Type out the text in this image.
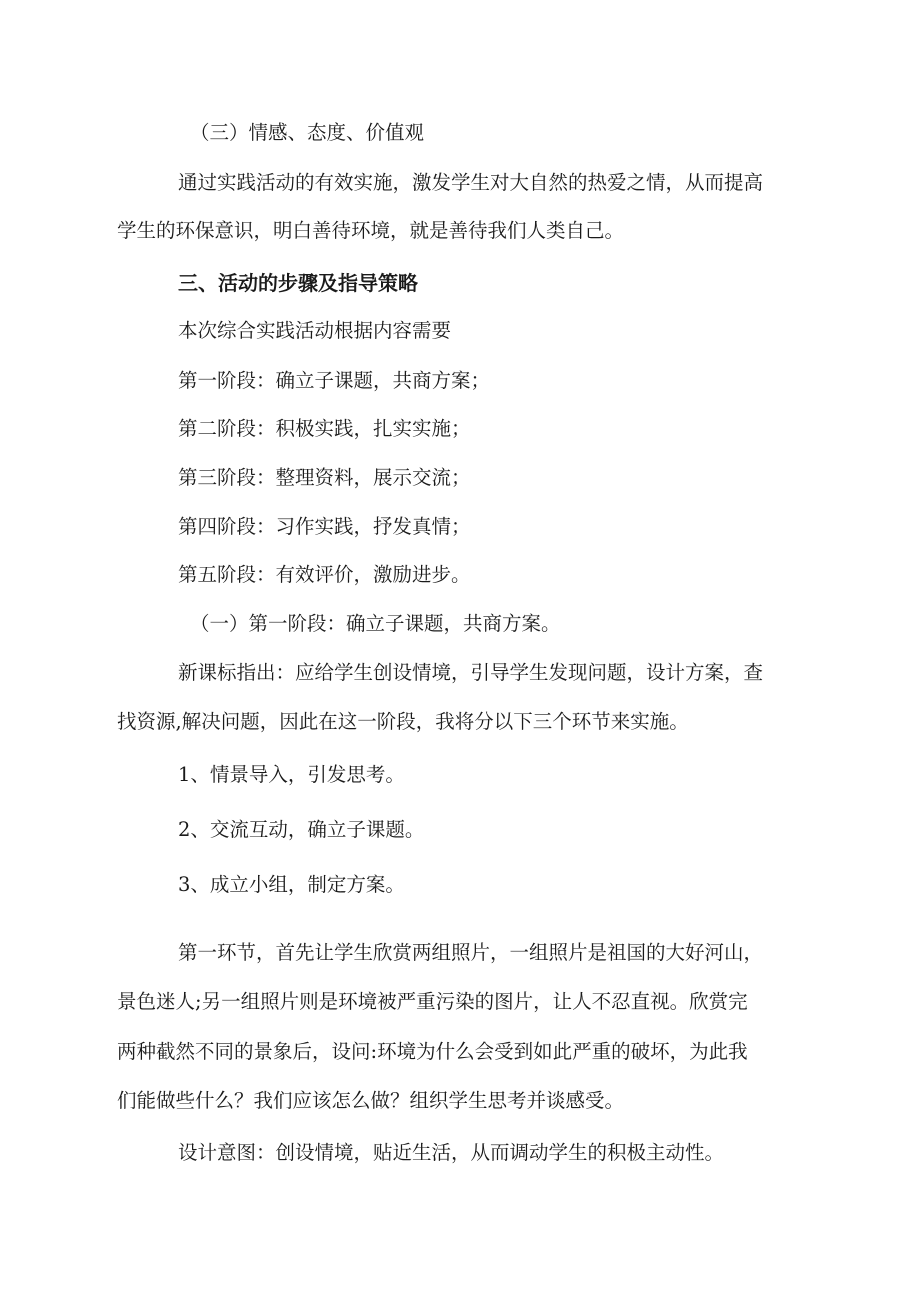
（三）情感、态度、价值观
通过实践活动的有效实施，激发学生对大自然的热爱之情，从而提高
学生的环保意识，明白善待环境，就是善待我们人类自己。
三、活动的步骤及指导策略
本次综合实践活动根据内容需要
第一阶段：确立子课题，共商方案；
第二阶段：积极实践，扎实实施；
第三阶段：整理资料，展示交流；
第四阶段：习作实践，抒发真情；
第五阶段：有效评价，激励进步。
（一）第一阶段：确立子课题，共商方案。
新课标指出：应给学生创设情境，引导学生发现问题，设计方案，查
找资源,解决问题，因此在这一阶段，我将分以下三个环节来实施。
1、情景导入，引发思考。
2、交流互动，确立子课题。
3、成立小组，制定方案。
第一环节，首先让学生欣赏两组照片，一组照片是祖国的大好河山，
景色迷人;另一组照片则是环境被严重污染的图片，让人不忍直视。欣赏完
两种截然不同的景象后，设问:环境为什么会受到如此严重的破坏，为此我
们能做些什么？我们应该怎么做？组织学生思考并谈感受。
设计意图：创设情境，贴近生活，从而调动学生的积极主动性。
